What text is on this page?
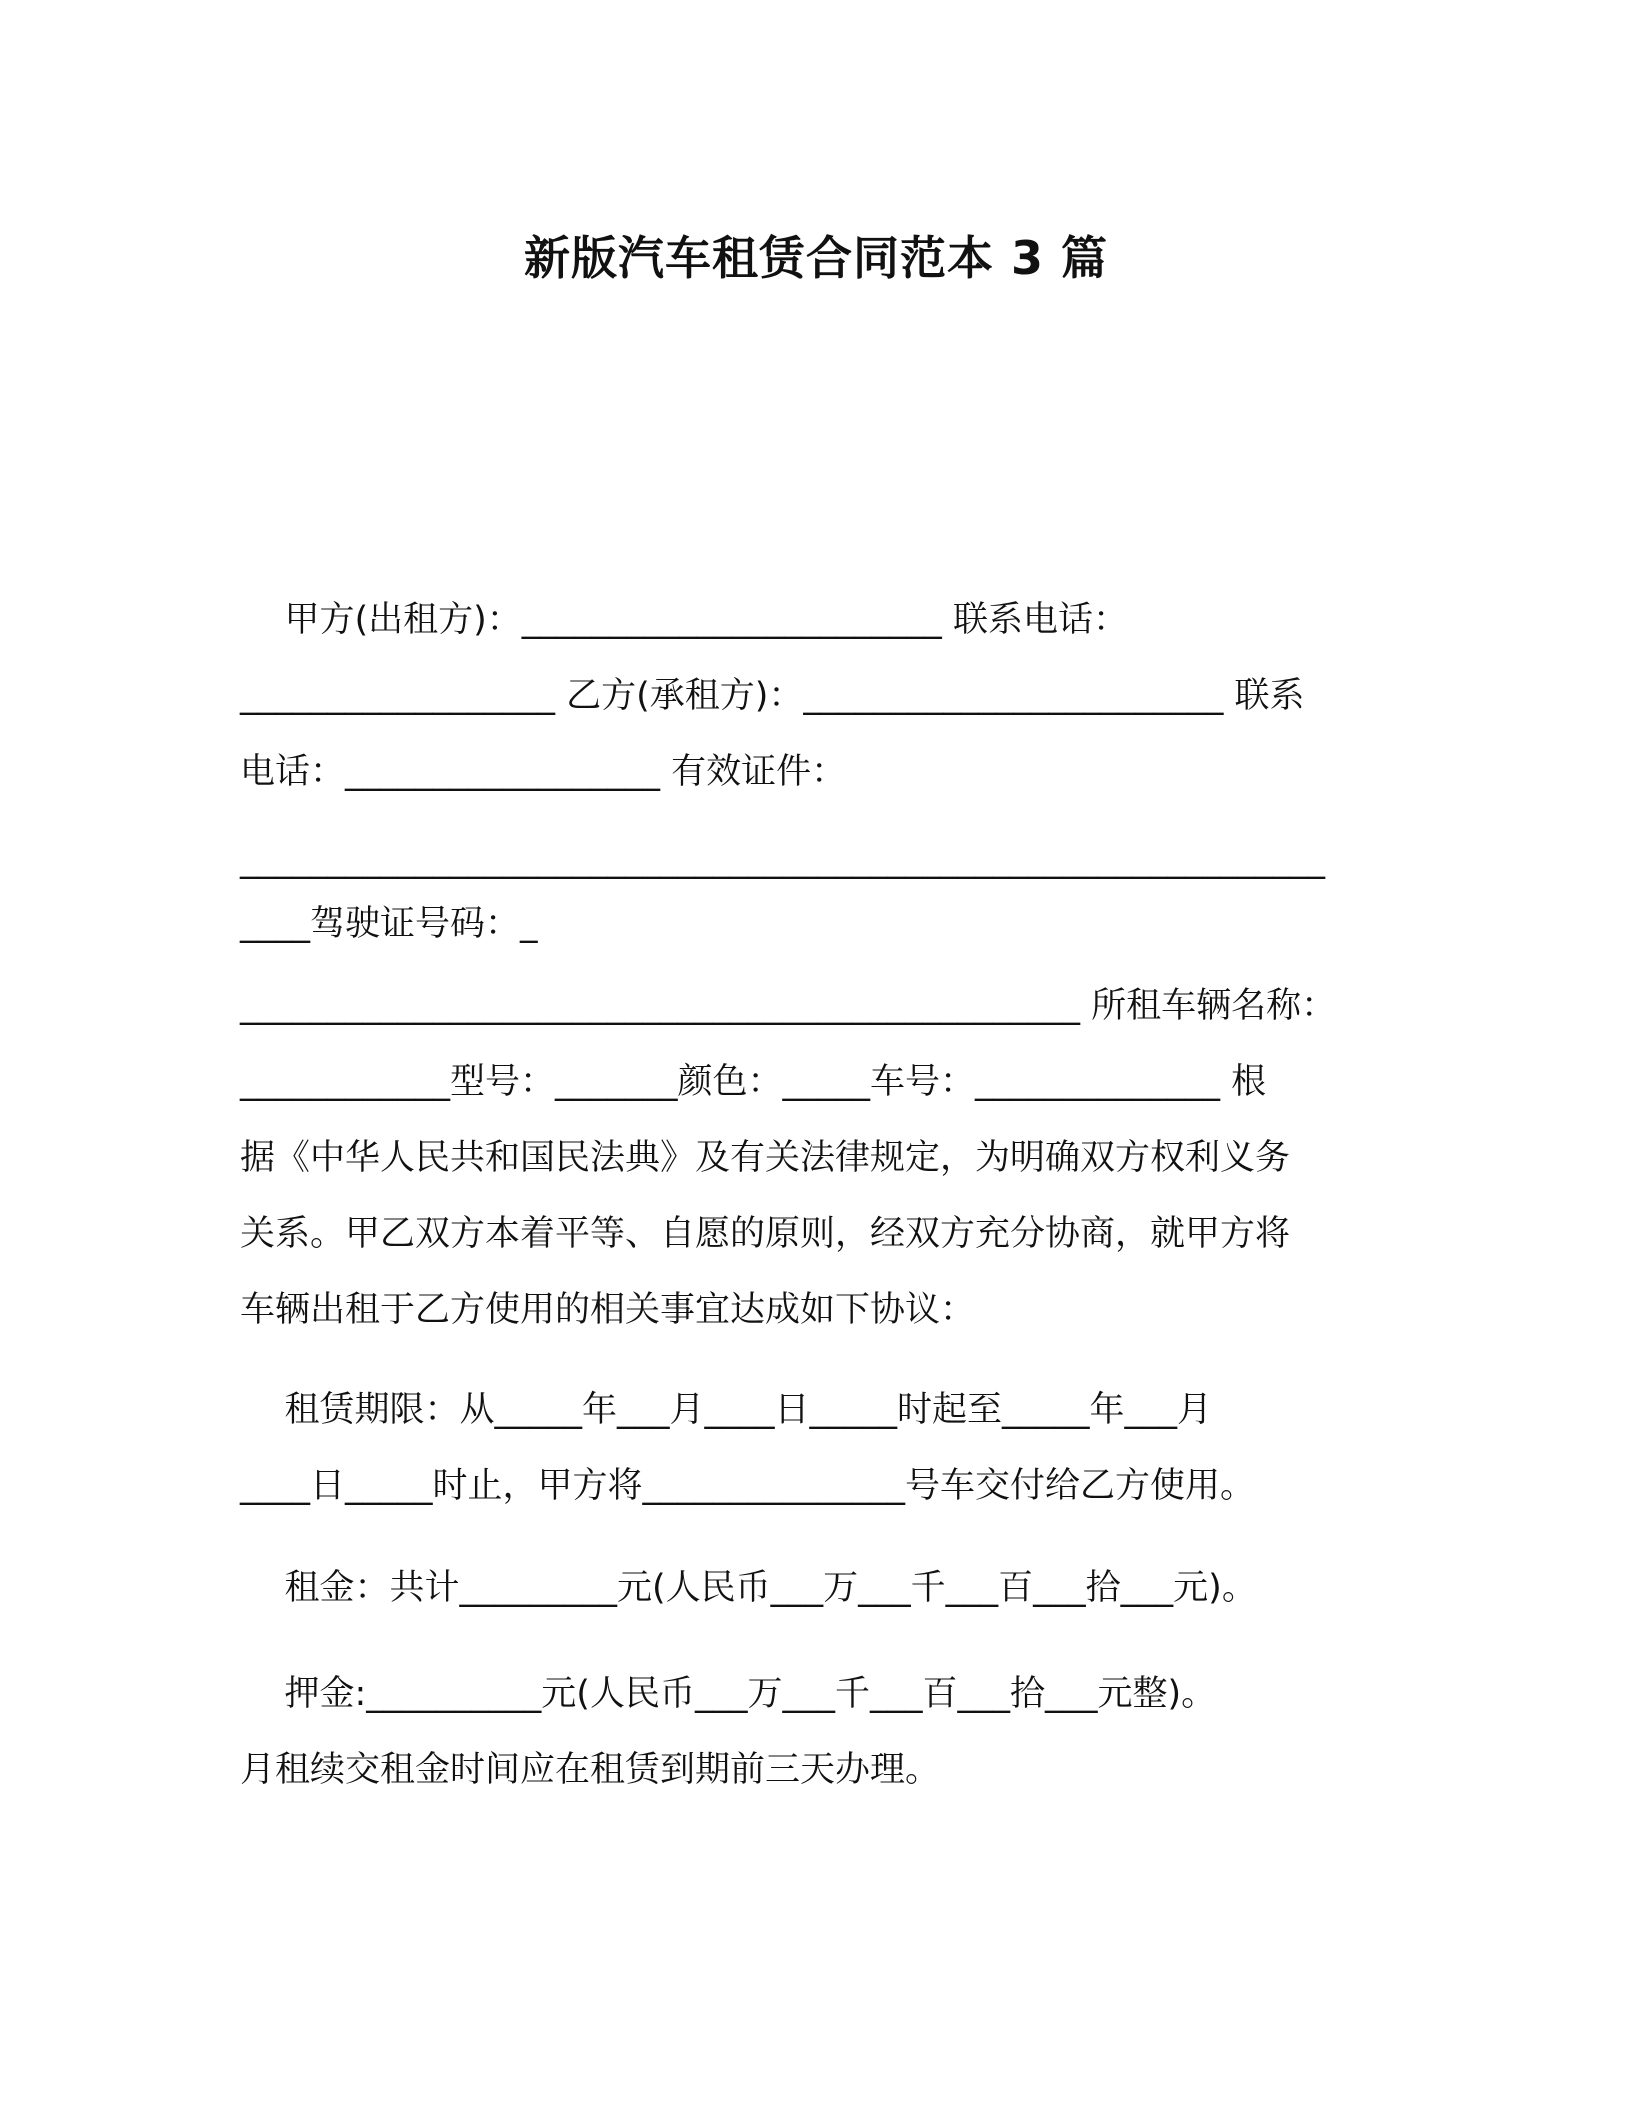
新版汽车租赁合同范本 3 篇
甲方(出租方)：________________________ 联系电话：
__________________ 乙方(承租方)：________________________ 联系
电话：__________________ 有效证件：
______________________________________________________________
____驾驶证号码：_
________________________________________________ 所租车辆名称：
____________型号：_______颜色：_____车号：______________ 根
据《中华人民共和国民法典》及有关法律规定，为明确双方权利义务
关系。甲乙双方本着平等、自愿的原则，经双方充分协商，就甲方将
车辆出租于乙方使用的相关事宜达成如下协议：
租赁期限：从_____年___月____日_____时起至_____年___月
____日_____时止，甲方将_______________号车交付给乙方使用。
租金：共计_________元(人民币___万___千___百___拾___元)。
押金:__________元(人民币___万___千___百___拾___元整)。
月租续交租金时间应在租赁到期前三天办理。
